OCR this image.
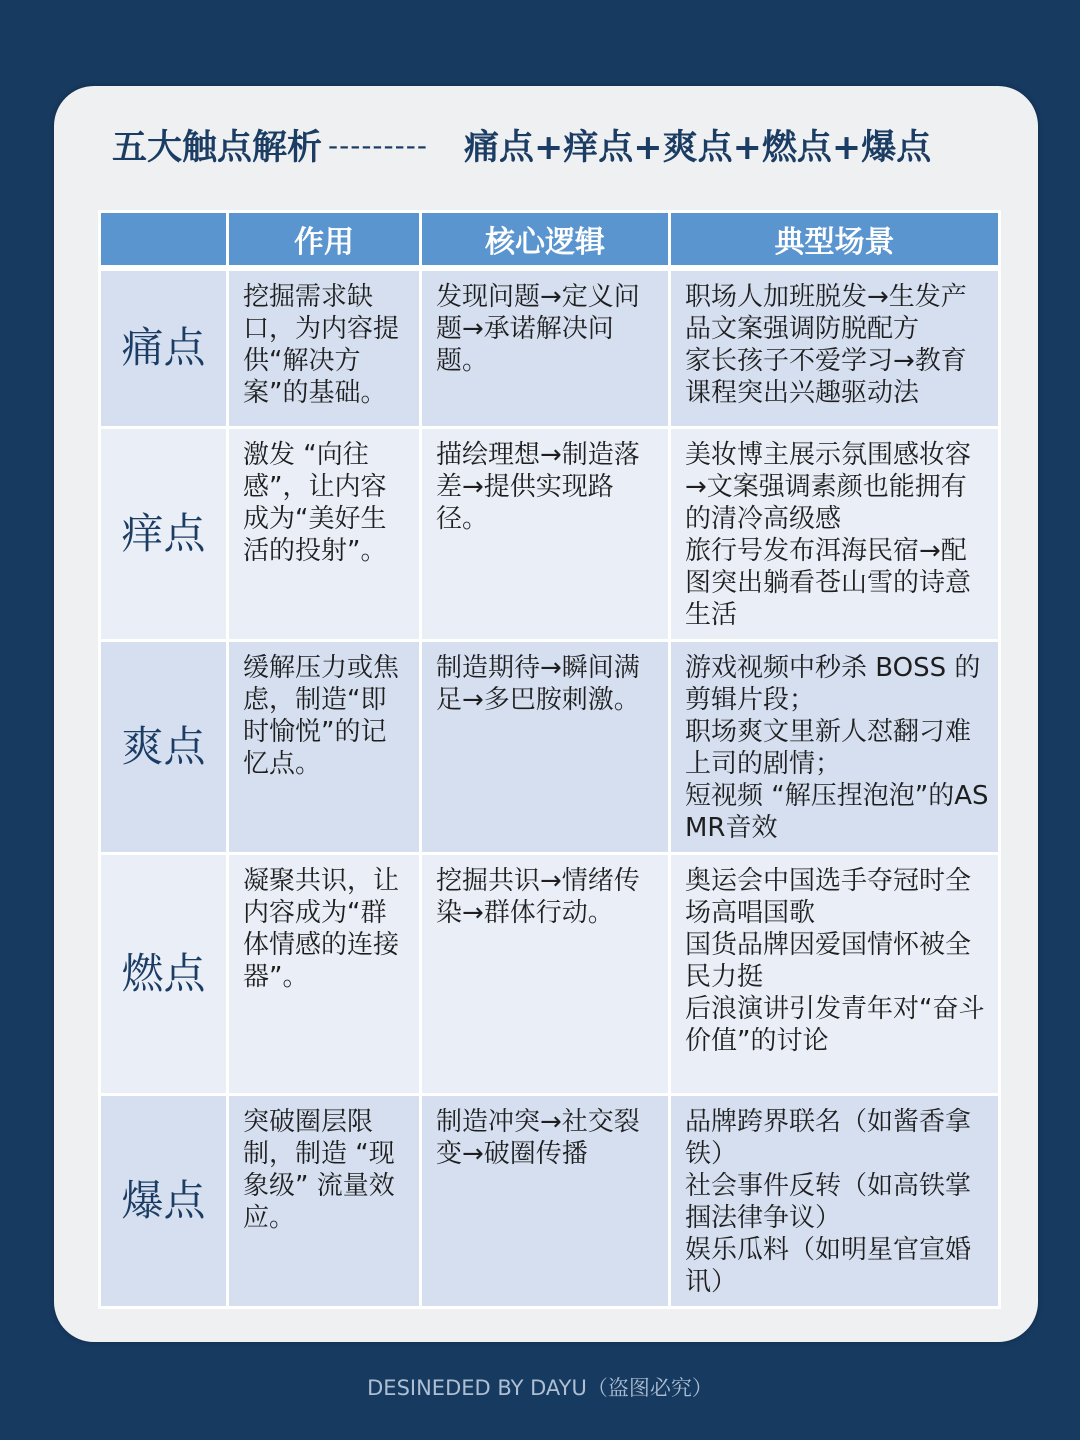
五大触点解析 --------- 痛点+痒点+爽点+燃点+爆点
	作用	核心逻辑	典型场景
痛点	挖掘需求缺口，为内容提供“解决方案”的基础。	发现问题→定义问题→承诺解决问题。	职场人加班脱发→生发产品文案强调防脱配方
家长孩子不爱学习→教育课程突出兴趣驱动法
痒点	激发 “向往感”，让内容成为“美好生活的投射”。	描绘理想→制造落差→提供实现路径。	美妆博主展示氛围感妆容→文案强调素颜也能拥有的清冷高级感
旅行号发布洱海民宿→配图突出躺看苍山雪的诗意生活
爽点	缓解压力或焦虑，制造“即时愉悦”的记忆点。	制造期待→瞬间满足→多巴胺刺激。	游戏视频中秒杀 BOSS 的剪辑片段；
职场爽文里新人怼翻刁难上司的剧情；
短视频 “解压捏泡泡”的ASMR音效
燃点	凝聚共识，让内容成为“群体情感的连接器”。	挖掘共识→情绪传染→群体行动。	奥运会中国选手夺冠时全场高唱国歌
国货品牌因爱国情怀被全民力挺
后浪演讲引发青年对“奋斗价值”的讨论
爆点	突破圈层限制，制造 “现象级” 流量效应。	制造冲突→社交裂变→破圈传播	品牌跨界联名（如酱香拿铁）
社会事件反转（如高铁掌掴法律争议）
娱乐瓜料（如明星官宣婚讯）
DESINEDED BY DAYU（盗图必究）
